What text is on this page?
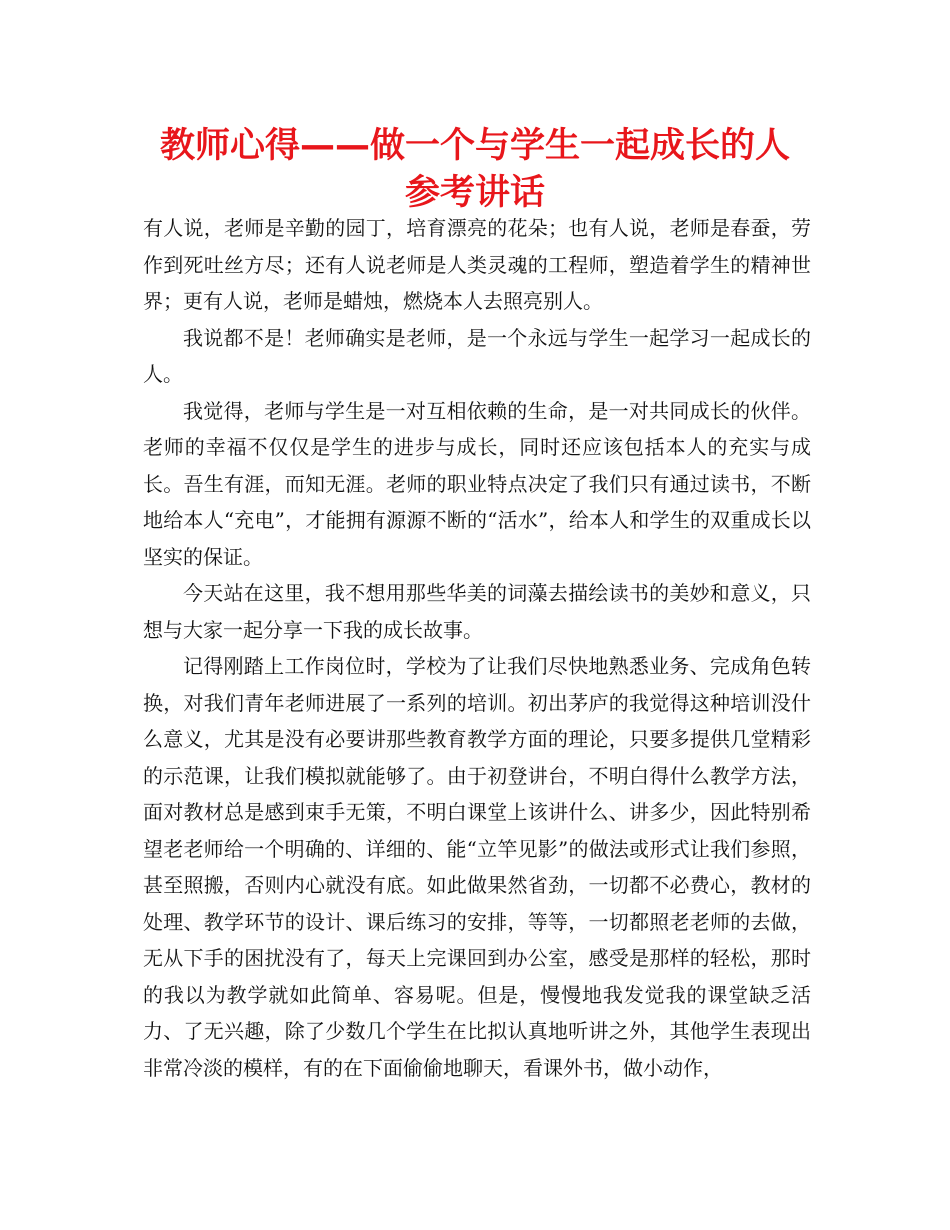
教师心得——做一个与学生一起成长的人
参考讲话

有人说，老师是辛勤的园丁，培育漂亮的花朵；也有人说，老师是春蚕，劳作到死吐丝方尽；还有人说老师是人类灵魂的工程师，塑造着学生的精神世界；更有人说，老师是蜡烛，燃烧本人去照亮别人。

我说都不是！老师确实是老师，是一个永远与学生一起学习一起成长的人。

我觉得，老师与学生是一对互相依赖的生命，是一对共同成长的伙伴。老师的幸福不仅仅是学生的进步与成长，同时还应该包括本人的充实与成长。吾生有涯，而知无涯。老师的职业特点决定了我们只有通过读书，不断地给本人“充电”，才能拥有源源不断的“活水”，给本人和学生的双重成长以坚实的保证。

今天站在这里，我不想用那些华美的词藻去描绘读书的美妙和意义，只想与大家一起分享一下我的成长故事。

记得刚踏上工作岗位时，学校为了让我们尽快地熟悉业务、完成角色转换，对我们青年老师进展了一系列的培训。初出茅庐的我觉得这种培训没什么意义，尤其是没有必要讲那些教育教学方面的理论，只要多提供几堂精彩的示范课，让我们模拟就能够了。由于初登讲台，不明白得什么教学方法，面对教材总是感到束手无策，不明白课堂上该讲什么、讲多少，因此特别希望老老师给一个明确的、详细的、能“立竿见影”的做法或形式让我们参照，甚至照搬，否则内心就没有底。如此做果然省劲，一切都不必费心，教材的处理、教学环节的设计、课后练习的安排，等等，一切都照老老师的去做，无从下手的困扰没有了，每天上完课回到办公室，感受是那样的轻松，那时的我以为教学就如此简单、容易呢。但是，慢慢地我发觉我的课堂缺乏活力、了无兴趣，除了少数几个学生在比拟认真地听讲之外，其他学生表现出非常冷淡的模样，有的在下面偷偷地聊天，看课外书，做小动作，
